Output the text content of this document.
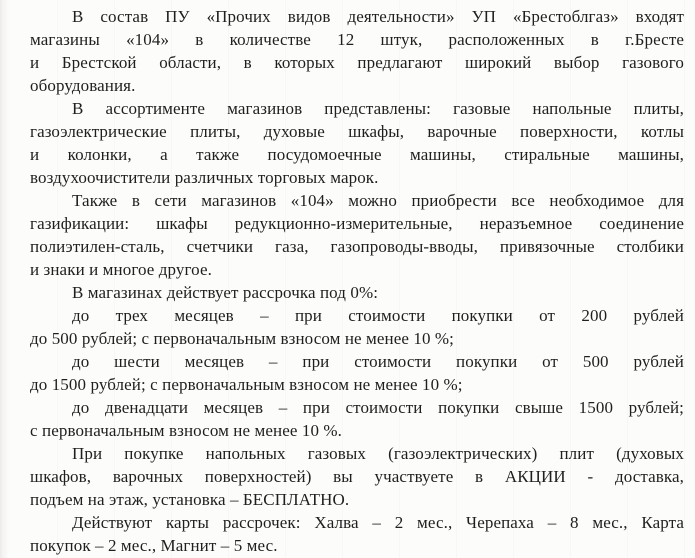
В состав ПУ «Прочих видов деятельности» УП «Брестоблгаз» входят
магазины «104» в количестве 12 штук, расположенных в г.Бресте
и Брестской области, в которых предлагают широкий выбор газового
оборудования.
В ассортименте магазинов представлены: газовые напольные плиты,
газоэлектрические плиты, духовые шкафы, варочные поверхности, котлы
и колонки, а также посудомоечные машины, стиральные машины,
воздухоочистители различных торговых марок.
Также в сети магазинов «104» можно приобрести все необходимое для
газификации: шкафы редукционно-измерительные, неразъемное соединение
полиэтилен-сталь, счетчики газа, газопроводы-вводы, привязочные столбики
и знаки и многое другое.
В магазинах действует рассрочка под 0%:
до трех месяцев – при стоимости покупки от 200 рублей
до 500 рублей; с первоначальным взносом не менее 10 %;
до шести месяцев – при стоимости покупки от 500 рублей
до 1500 рублей; с первоначальным взносом не менее 10 %;
до двенадцати месяцев – при стоимости покупки свыше 1500 рублей;
с первоначальным взносом не менее 10 %.
При покупке напольных газовых (газоэлектрических) плит (духовых
шкафов, варочных поверхностей) вы участвуете в АКЦИИ - доставка,
подъем на этаж, установка – БЕСПЛАТНО.
Действуют карты рассрочек: Халва – 2 мес., Черепаха – 8 мес., Карта
покупок – 2 мес., Магнит – 5 мес.
